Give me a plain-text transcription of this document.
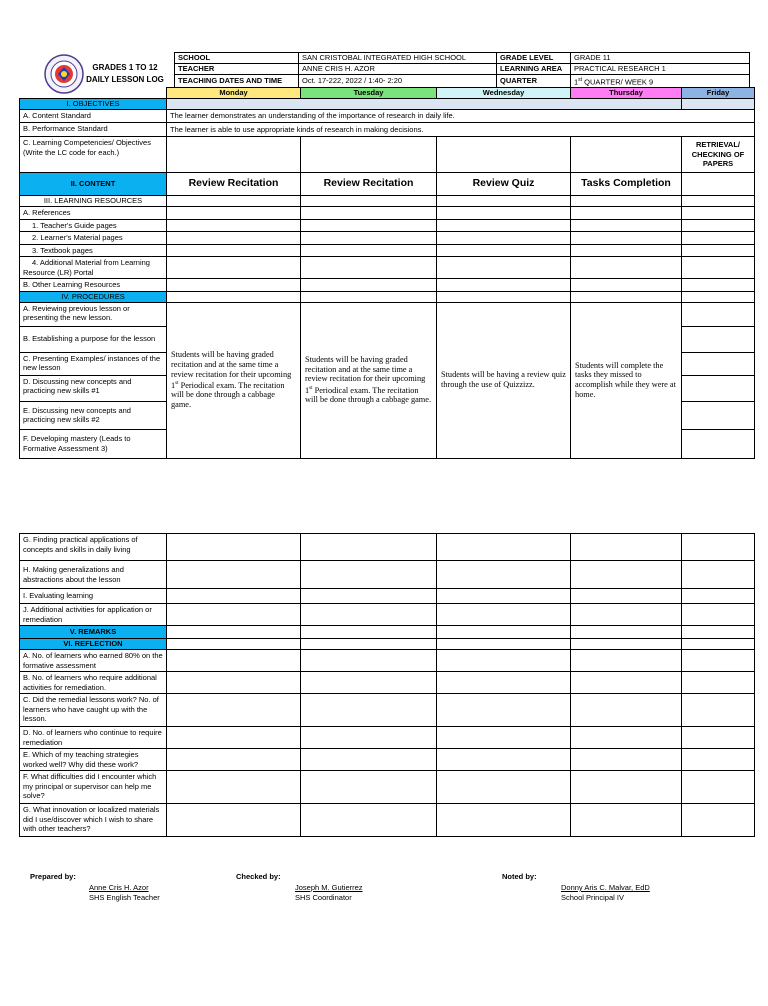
GRADES 1 TO 12
DAILY LESSON LOG
SCHOOL	SAN CRISTOBAL INTEGRATED HIGH SCHOOL	GRADE LEVEL	GRADE 11
TEACHER	ANNE CRIS H. AZOR	LEARNING AREA	PRACTICAL RESEARCH 1
TEACHING DATES AND TIME	Oct. 17-222, 2022 / 1:40- 2:20	QUARTER	1st QUARTER/ WEEK 9
	Monday	Tuesday	Wednesday	Thursday	Friday
I. OBJECTIVES					
A. Content Standard	The learner demonstrates an understanding of the importance of research in daily life.				
B. Performance Standard	The learner is able to use appropriate kinds of research in making decisions.				
C. Learning Competencies/ Objectives (Write the LC code for each.)					RETRIEVAL/ CHECKING OF PAPERS
II. CONTENT	Review Recitation	Review Recitation	Review Quiz	Tasks Completion	
III. LEARNING RESOURCES					
A. References					
1. Teacher's Guide pages					
2. Learner's Material pages					
3. Textbook pages					
4. Additional Material from Learning Resource (LR) Portal					
B. Other Learning Resources					
IV. PROCEDURES					
A. Reviewing previous lesson or presenting the new lesson.	Students will be having graded recitation and at the same time a review recitation for their upcoming 1st Periodical exam. The recitation will be done through a cabbage game.	Students will be having graded recitation and at the same time a review recitation for their upcoming 1st Periodical exam. The recitation will be done through a cabbage game.	Students will be having a review quiz through the use of Quizzizz.	Students will complete the tasks they missed to accomplish while they were at home.	
B. Establishing a purpose for the lesson					
C. Presenting Examples/ instances of the new lesson					
D. Discussing new concepts and practicing new skills #1					
E. Discussing new concepts and practicing new skills #2					
F. Developing mastery (Leads to Formative Assessment 3)					
G. Finding practical applications of concepts and skills in daily living					
H. Making generalizations and abstractions about the lesson					
I. Evaluating learning					
J. Additional activities for application or remediation					
V. REMARKS					
VI. REFLECTION					
A. No. of learners who earned 80% on the formative assessment					
B. No. of learners who require additional activities for remediation.					
C. Did the remedial lessons work? No. of learners who have caught up with the lesson.					
D. No. of learners who continue to require remediation					
E. Which of my teaching strategies worked well? Why did these work?					
F. What difficulties did I encounter which my principal or supervisor can help me solve?					
G. What innovation or localized materials did I use/discover which I wish to share with other teachers?					
Prepared by:
Anne Cris H. Azor
SHS English Teacher
Checked by:
Joseph M. Gutierrez
SHS Coordinator
Noted by:
Donny Aris C. Malvar, EdD
School Principal IV
